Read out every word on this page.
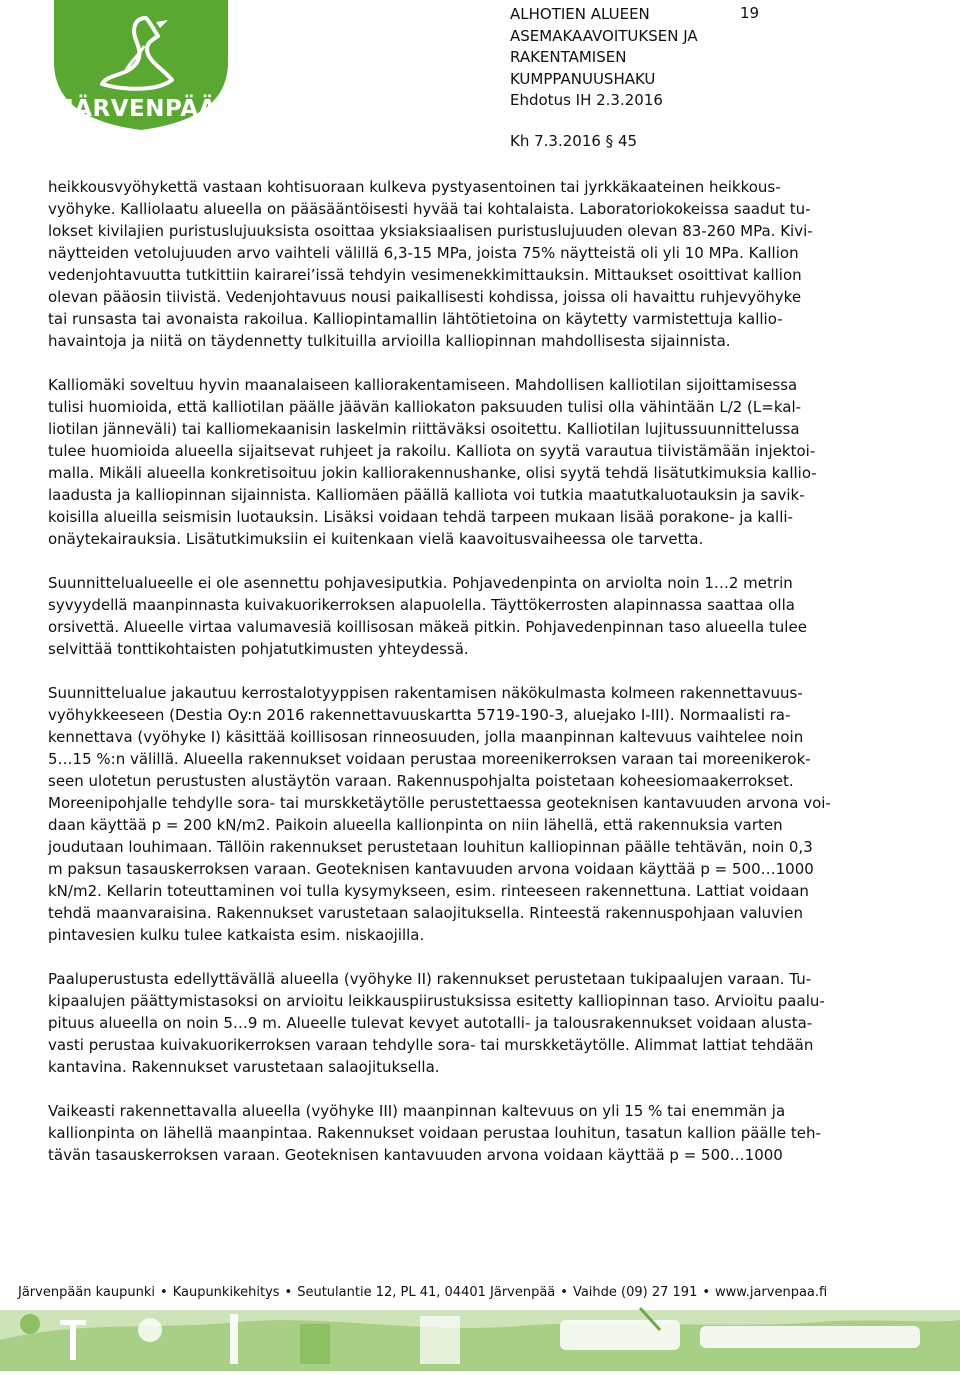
JÄRVENPÄÄ
ALHOTIEN ALUEEN
ASEMAKAAVOITUKSEN JA
RAKENTAMISEN
KUMPPANUUSHAKU
Ehdotus IH 2.3.2016
19
Kh 7.3.2016 § 45

heikkousvyöhykettä vastaan kohtisuoraan kulkeva pystyasentoinen tai jyrkkäkaateinen heikkous-
vyöhyke. Kalliolaatu alueella on pääsääntöisesti hyvää tai kohtalaista. Laboratoriokokeissa saadut tu-
lokset kivilajien puristuslujuuksista osoittaa yksiaksiaalisen puristuslujuuden olevan 83-260 MPa. Kivi-
näytteiden vetolujuuden arvo vaihteli välillä 6,3-15 MPa, joista 75% näytteistä oli yli 10 MPa. Kallion
vedenjohtavuutta tutkittiin kairarei’issä tehdyin vesimenekkimittauksin. Mittaukset osoittivat kallion
olevan pääosin tiivistä. Vedenjohtavuus nousi paikallisesti kohdissa, joissa oli havaittu ruhjevyöhyke
tai runsasta tai avonaista rakoilua. Kalliopintamallin lähtötietoina on käytetty varmistettuja kallio-
havaintoja ja niitä on täydennetty tulkituilla arvioilla kalliopinnan mahdollisesta sijainnista.

Kalliomäki soveltuu hyvin maanalaiseen kalliorakentamiseen. Mahdollisen kalliotilan sijoittamisessa
tulisi huomioida, että kalliotilan päälle jäävän kalliokaton paksuuden tulisi olla vähintään L/2 (L=kal-
liotilan jänneväli) tai kalliomekaanisin laskelmin riittäväksi osoitettu. Kalliotilan lujitussuunnittelussa
tulee huomioida alueella sijaitsevat ruhjeet ja rakoilu. Kalliota on syytä varautua tiivistämään injektoi-
malla. Mikäli alueella konkretisoituu jokin kalliorakennushanke, olisi syytä tehdä lisätutkimuksia kallio-
laadusta ja kalliopinnan sijainnista. Kalliomäen päällä kalliota voi tutkia maatutkaluotauksin ja savik-
koisilla alueilla seismisin luotauksin. Lisäksi voidaan tehdä tarpeen mukaan lisää porakone- ja kalli-
onäytekairauksia. Lisätutkimuksiin ei kuitenkaan vielä kaavoitusvaiheessa ole tarvetta.

Suunnittelualueelle ei ole asennettu pohjavesiputkia. Pohjavedenpinta on arviolta noin 1…2 metrin
syvyydellä maanpinnasta kuivakuorikerroksen alapuolella. Täyttökerrosten alapinnassa saattaa olla
orsivettä. Alueelle virtaa valumavesiä koillisosan mäkeä pitkin. Pohjavedenpinnan taso alueella tulee
selvittää tonttikohtaisten pohjatutkimusten yhteydessä.

Suunnittelualue jakautuu kerrostalotyyppisen rakentamisen näkökulmasta kolmeen rakennettavuus-
vyöhykkeeseen (Destia Oy:n 2016 rakennettavuuskartta 5719-190-3, aluejako I-III). Normaalisti ra-
kennettava (vyöhyke I) käsittää koillisosan rinneosuuden, jolla maanpinnan kaltevuus vaihtelee noin
5…15 %:n välillä. Alueella rakennukset voidaan perustaa moreenikerroksen varaan tai moreenikerok-
seen ulotetun perustusten alustäytön varaan. Rakennuspohjalta poistetaan koheesiomaakerrokset.
Moreenipohjalle tehdylle sora- tai murskketäytölle perustettaessa geoteknisen kantavuuden arvona voi-
daan käyttää p = 200 kN/m2. Paikoin alueella kallionpinta on niin lähellä, että rakennuksia varten
joudutaan louhimaan. Tällöin rakennukset perustetaan louhitun kalliopinnan päälle tehtävän, noin 0,3
m paksun tasauskerroksen varaan. Geoteknisen kantavuuden arvona voidaan käyttää p = 500…1000
kN/m2. Kellarin toteuttaminen voi tulla kysymykseen, esim. rinteeseen rakennettuna. Lattiat voidaan
tehdä maanvaraisina. Rakennukset varustetaan salaojituksella. Rinteestä rakennuspohjaan valuvien
pintavesien kulku tulee katkaista esim. niskaojilla.

Paaluperustusta edellyttävällä alueella (vyöhyke II) rakennukset perustetaan tukipaalujen varaan. Tu-
kipaalujen päättymistasoksi on arvioitu leikkauspiirustuksissa esitetty kalliopinnan taso. Arvioitu paalu-
pituus alueella on noin 5…9 m. Alueelle tulevat kevyet autotalli- ja talousrakennukset voidaan alusta-
vasti perustaa kuivakuorikerroksen varaan tehdylle sora- tai murskketäytölle. Alimmat lattiat tehdään
kantavina. Rakennukset varustetaan salaojituksella.

Vaikeasti rakennettavalla alueella (vyöhyke III) maanpinnan kaltevuus on yli 15 % tai enemmän ja
kallionpinta on lähellä maanpintaa. Rakennukset voidaan perustaa louhitun, tasatun kallion päälle teh-
tävän tasauskerroksen varaan. Geoteknisen kantavuuden arvona voidaan käyttää p = 500…1000

Järvenpään kaupunki • Kaupunkikehitys • Seutulantie 12, PL 41, 04401 Järvenpää • Vaihde (09) 27 191 • www.jarvenpaa.fi
